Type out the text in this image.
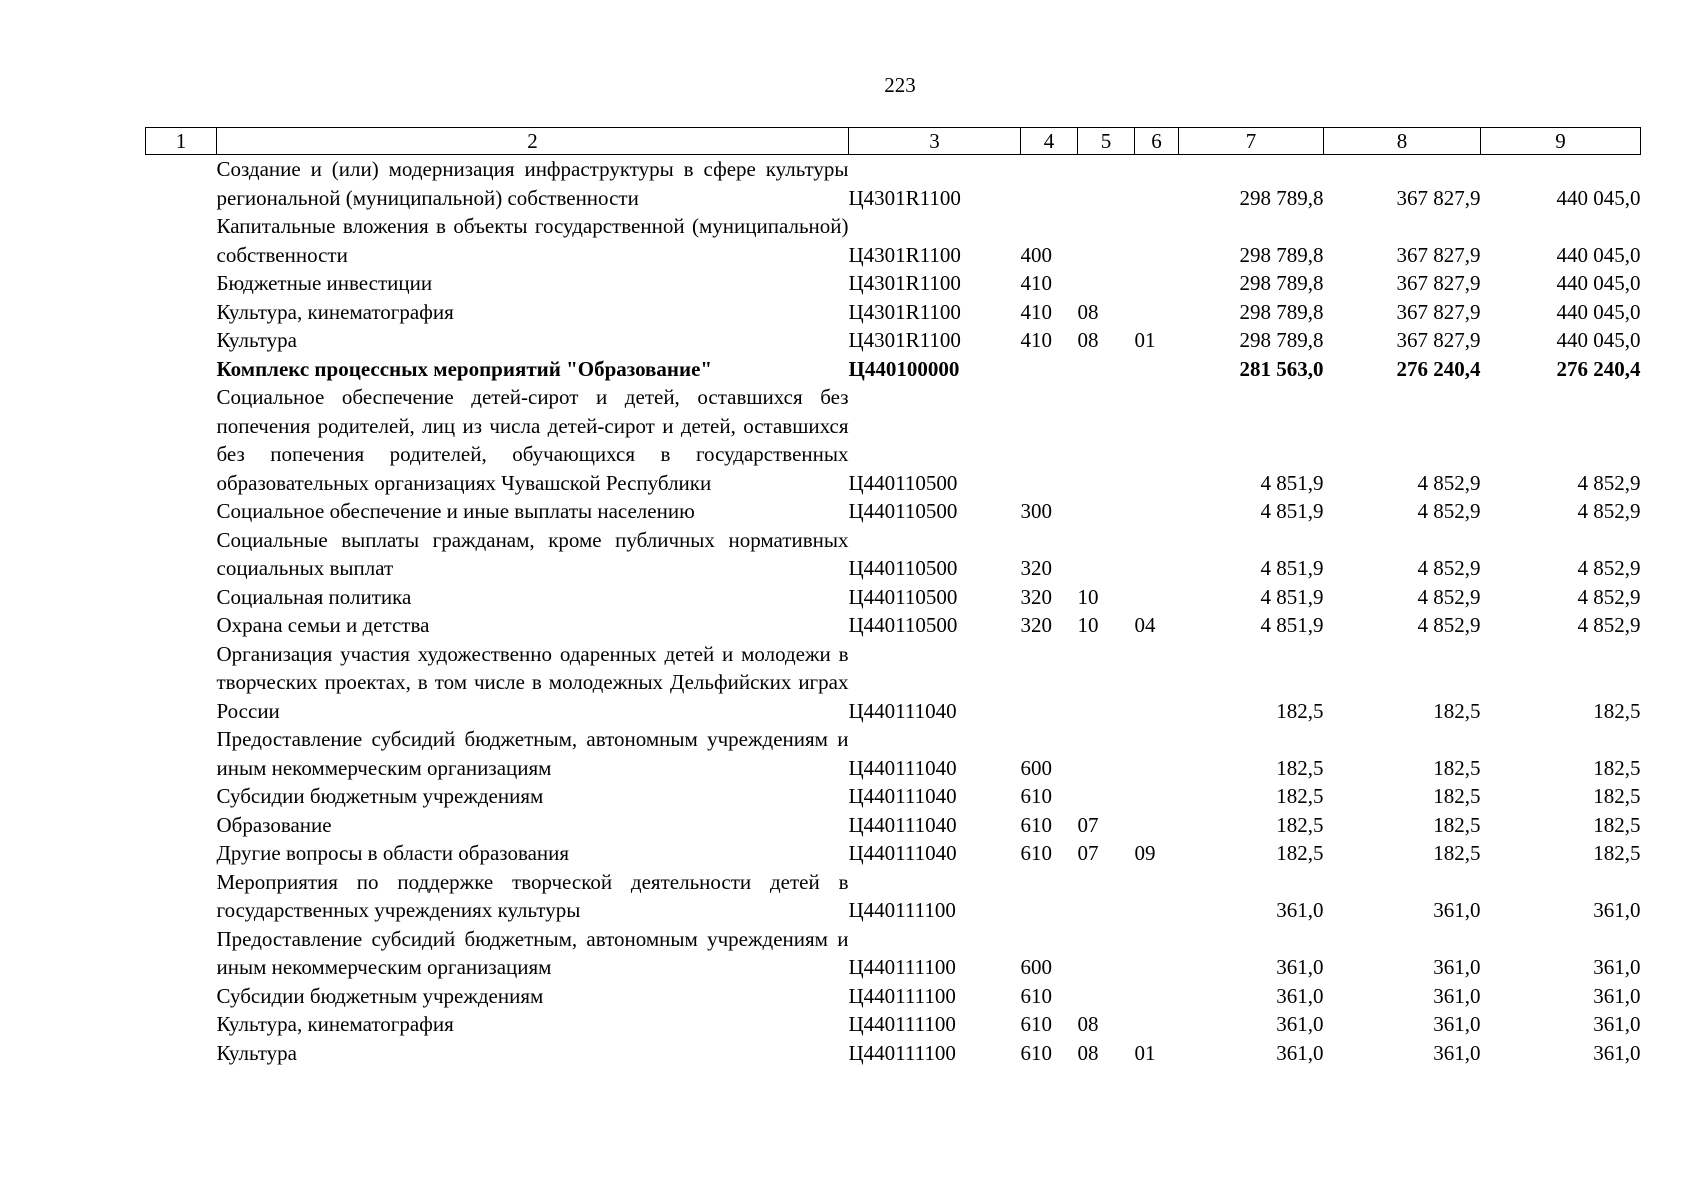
223
1	2	3	4	5	6	7	8	9
	Создание и (или) модернизация инфраструктуры в сфере культуры региональной (муниципальной) собственности	Ц4301R1100				298 789,8	367 827,9	440 045,0
	Капитальные вложения в объекты государственной (муниципальной) собственности	Ц4301R1100	400			298 789,8	367 827,9	440 045,0
	Бюджетные инвестиции	Ц4301R1100	410			298 789,8	367 827,9	440 045,0
	Культура, кинематография	Ц4301R1100	410	08		298 789,8	367 827,9	440 045,0
	Культура	Ц4301R1100	410	08	01	298 789,8	367 827,9	440 045,0
	Комплекс процессных мероприятий "Образование"	Ц440100000				281 563,0	276 240,4	276 240,4
	Социальное обеспечение детей-сирот и детей, оставшихся без попечения родителей, лиц из числа детей-сирот и детей, оставшихся без попечения родителей, обучающихся в государственных образовательных организациях Чувашской Республики	Ц440110500				4 851,9	4 852,9	4 852,9
	Социальное обеспечение и иные выплаты населению	Ц440110500	300			4 851,9	4 852,9	4 852,9
	Социальные выплаты гражданам, кроме публичных нормативных социальных выплат	Ц440110500	320			4 851,9	4 852,9	4 852,9
	Социальная политика	Ц440110500	320	10		4 851,9	4 852,9	4 852,9
	Охрана семьи и детства	Ц440110500	320	10	04	4 851,9	4 852,9	4 852,9
	Организация участия художественно одаренных детей и молодежи в творческих проектах, в том числе в молодежных Дельфийских играх России	Ц440111040				182,5	182,5	182,5
	Предоставление субсидий бюджетным, автономным учреждениям и иным некоммерческим организациям	Ц440111040	600			182,5	182,5	182,5
	Субсидии бюджетным учреждениям	Ц440111040	610			182,5	182,5	182,5
	Образование	Ц440111040	610	07		182,5	182,5	182,5
	Другие вопросы в области образования	Ц440111040	610	07	09	182,5	182,5	182,5
	Мероприятия по поддержке творческой деятельности детей в государственных учреждениях культуры	Ц440111100				361,0	361,0	361,0
	Предоставление субсидий бюджетным, автономным учреждениям и иным некоммерческим организациям	Ц440111100	600			361,0	361,0	361,0
	Субсидии бюджетным учреждениям	Ц440111100	610			361,0	361,0	361,0
	Культура, кинематография	Ц440111100	610	08		361,0	361,0	361,0
	Культура	Ц440111100	610	08	01	361,0	361,0	361,0
